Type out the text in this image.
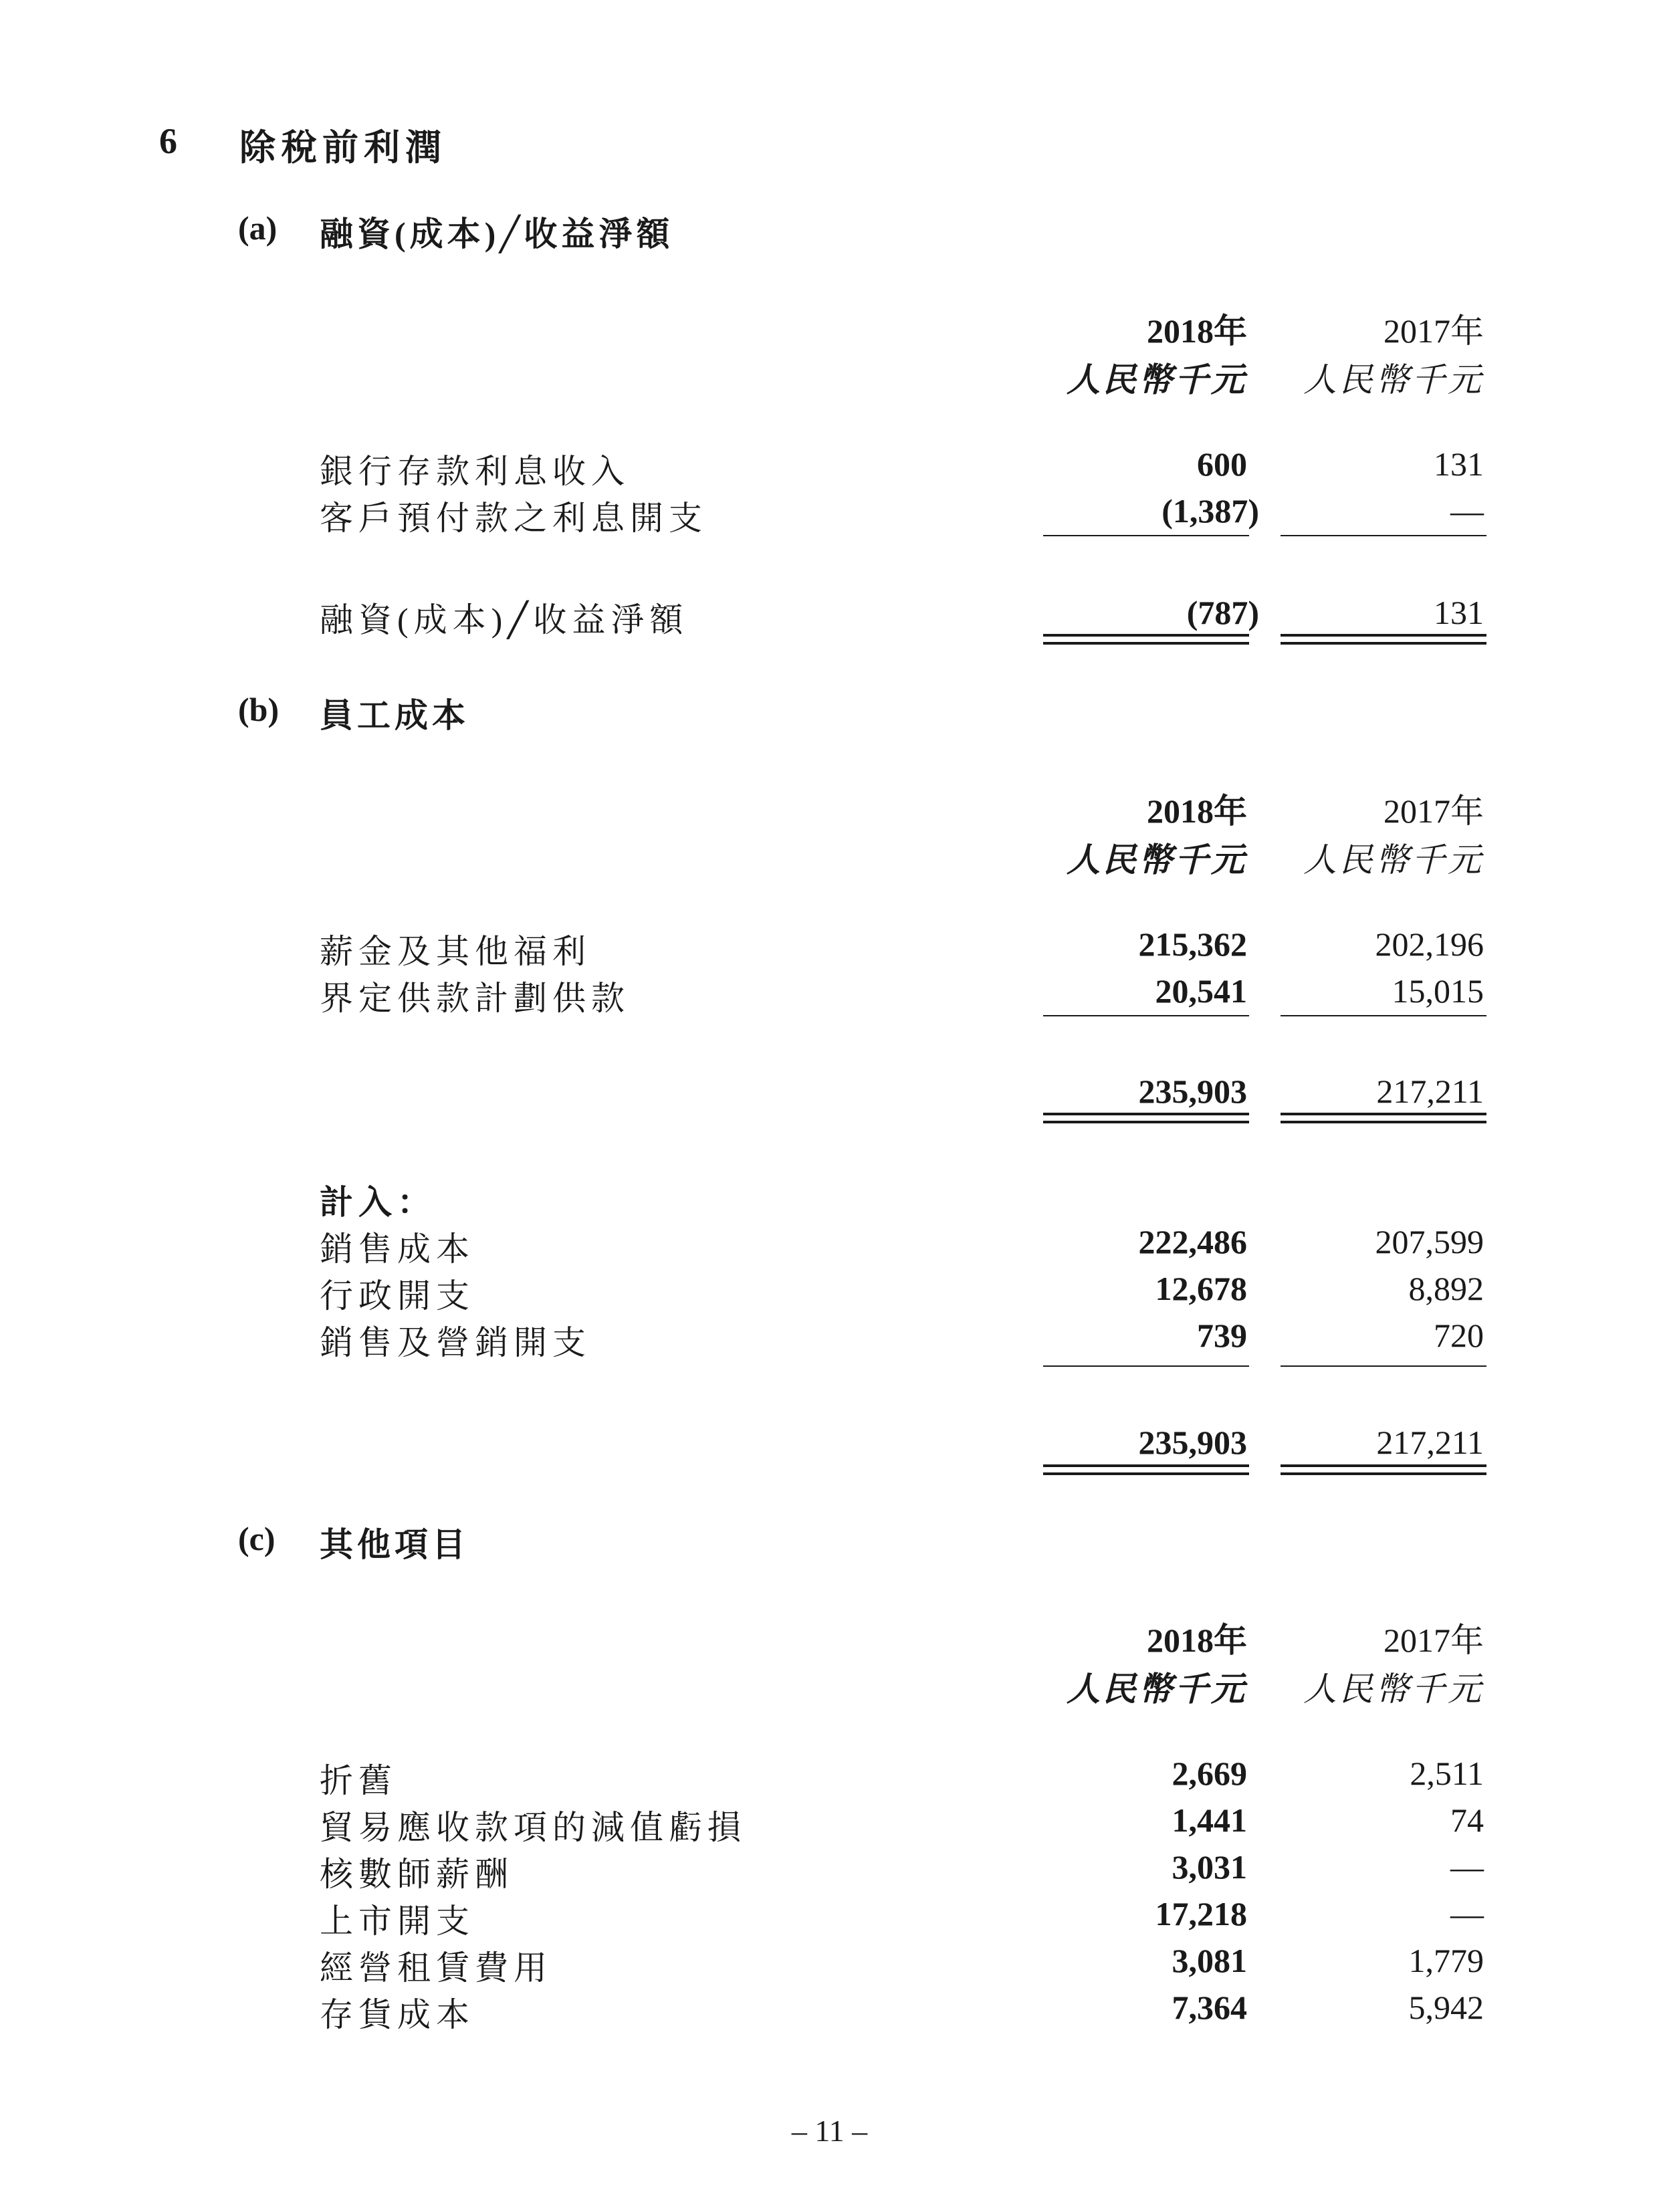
6 除稅前利潤
(a) 融資(成本)╱收益淨額
2018年	2017年
人民幣千元 人民幣千元
銀行存款利息收入	600	131
客戶預付款之利息開支	(1,387)	—
融資(成本)╱收益淨額	(787)	131
(b) 員工成本
2018年	2017年
人民幣千元 人民幣千元
薪金及其他福利	215,362	202,196
界定供款計劃供款	20,541	15,015
235,903	217,211
計入：
銷售成本	222,486	207,599
行政開支	12,678	8,892
銷售及營銷開支	739	720
235,903	217,211
(c) 其他項目
2018年	2017年
人民幣千元 人民幣千元
折舊	2,669	2,511
貿易應收款項的減值虧損	1,441	74
核數師薪酬	3,031	—
上市開支	17,218	—
經營租賃費用	3,081	1,779
存貨成本	7,364	5,942
– 11 –
